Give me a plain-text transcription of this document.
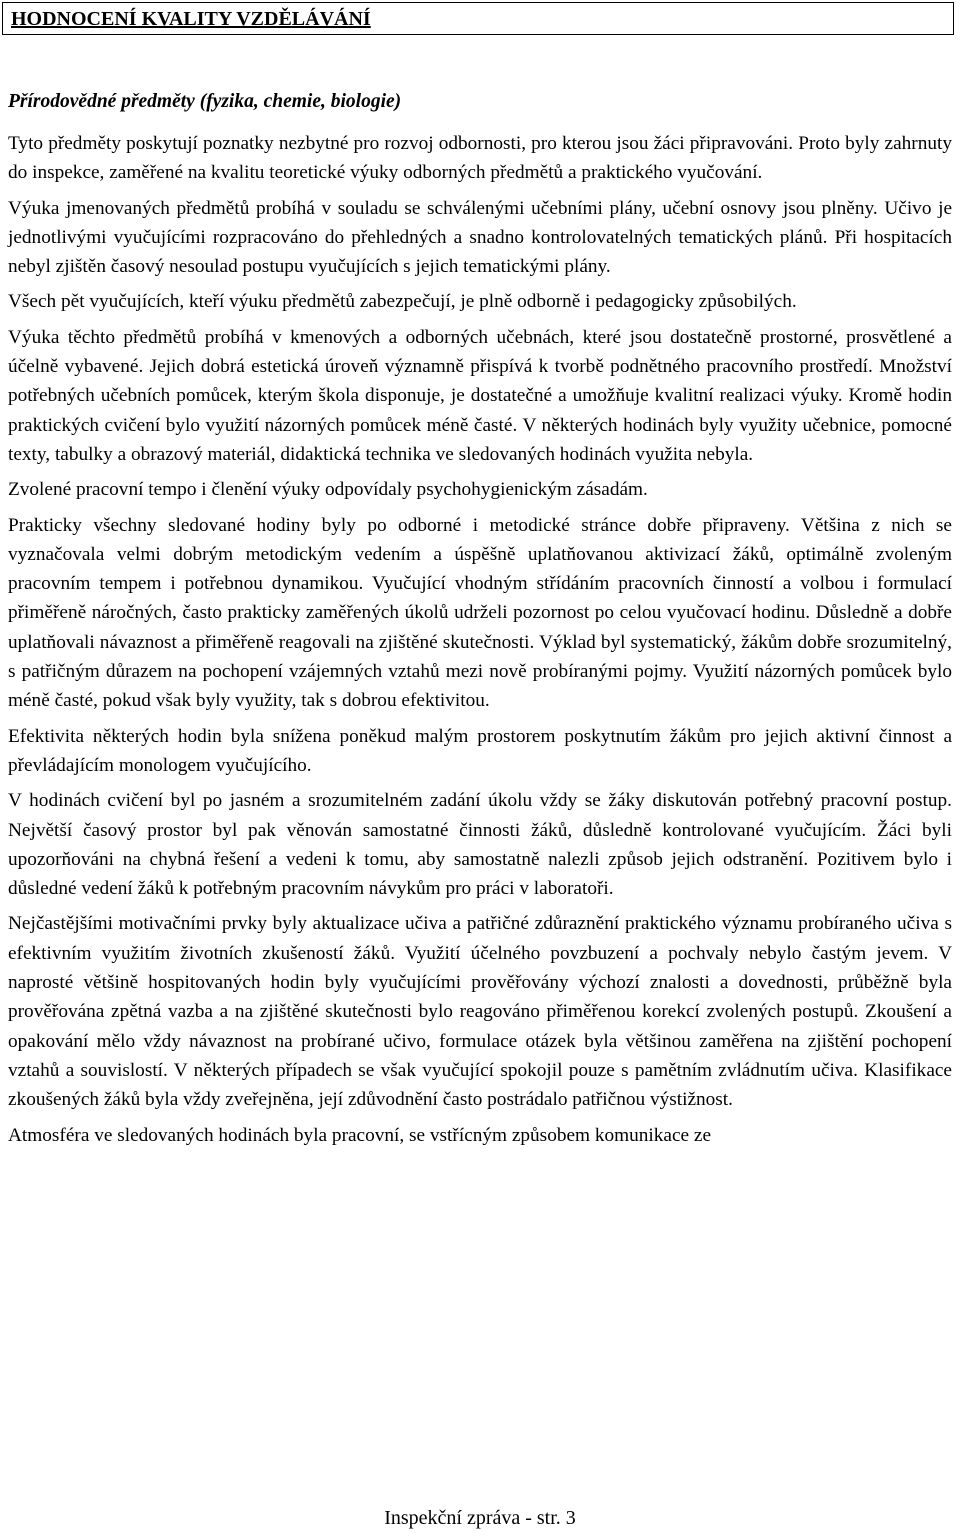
HODNOCENÍ KVALITY VZDĚLÁVÁNÍ
Přírodovědné předměty (fyzika, chemie, biologie)

Tyto předměty poskytují poznatky nezbytné pro rozvoj odbornosti, pro kterou jsou žáci připravováni. Proto byly zahrnuty do inspekce, zaměřené na kvalitu teoretické výuky odborných předmětů a praktického vyučování.

Výuka jmenovaných předmětů probíhá v souladu se schválenými učebními plány, učební osnovy jsou plněny. Učivo je jednotlivými vyučujícími rozpracováno do přehledných a snadno kontrolovatelných tematických plánů. Při hospitacích nebyl zjištěn časový nesoulad postupu vyučujících s jejich tematickými plány.

Všech pět vyučujících, kteří výuku předmětů zabezpečují, je plně odborně i pedagogicky způsobilých.

Výuka těchto předmětů probíhá v kmenových a odborných učebnách, které jsou dostatečně prostorné, prosvětlené a účelně vybavené. Jejich dobrá estetická úroveň významně přispívá k tvorbě podnětného pracovního prostředí. Množství potřebných učebních pomůcek, kterým škola disponuje, je dostatečné a umožňuje kvalitní realizaci výuky. Kromě hodin praktických cvičení bylo využití názorných pomůcek méně časté. V některých hodinách byly využity učebnice, pomocné texty, tabulky a obrazový materiál, didaktická technika ve sledovaných hodinách využita nebyla.

Zvolené pracovní tempo i členění výuky odpovídaly psychohygienickým zásadám.

Prakticky všechny sledované hodiny byly po odborné i metodické stránce dobře připraveny. Většina z nich se vyznačovala velmi dobrým metodickým vedením a úspěšně uplatňovanou aktivizací žáků, optimálně zvoleným pracovním tempem i potřebnou dynamikou. Vyučující vhodným střídáním pracovních činností a volbou i formulací přiměřeně náročných, často prakticky zaměřených úkolů udrželi pozornost po celou vyučovací hodinu. Důsledně a dobře uplatňovali návaznost a přiměřeně reagovali na zjištěné skutečnosti. Výklad byl systematický, žákům dobře srozumitelný, s patřičným důrazem na pochopení vzájemných vztahů mezi nově probíranými pojmy. Využití názorných pomůcek bylo méně časté, pokud však byly využity, tak s dobrou efektivitou.

Efektivita některých hodin byla snížena poněkud malým prostorem poskytnutím žákům pro jejich aktivní činnost a převládajícím monologem vyučujícího.

V hodinách cvičení byl po jasném a srozumitelném zadání úkolu vždy se žáky diskutován potřebný pracovní postup. Největší časový prostor byl pak věnován samostatné činnosti žáků, důsledně kontrolované vyučujícím. Žáci byli upozorňováni na chybná řešení a vedeni k tomu, aby samostatně nalezli způsob jejich odstranění. Pozitivem bylo i důsledné vedení žáků k potřebným pracovním návykům pro práci v laboratoři.

Nejčastějšími motivačními prvky byly aktualizace učiva a patřičné zdůraznění praktického významu probíraného učiva s efektivním využitím životních zkušeností žáků. Využití účelného povzbuzení a pochvaly nebylo častým jevem. V naprosté většině hospitovaných hodin byly vyučujícími prověřovány výchozí znalosti a dovednosti, průběžně byla prověřována zpětná vazba a na zjištěné skutečnosti bylo reagováno přiměřenou korekcí zvolených postupů. Zkoušení a opakování mělo vždy návaznost na probírané učivo, formulace otázek byla většinou zaměřena na zjištění pochopení vztahů a souvislostí. V některých případech se však vyučující spokojil pouze s pamětním zvládnutím učiva. Klasifikace zkoušených žáků byla vždy zveřejněna, její zdůvodnění často postrádalo patřičnou výstižnost.

Atmosféra ve sledovaných hodinách byla pracovní, se vstřícným způsobem komunikace ze

Inspekční zpráva - str. 3
